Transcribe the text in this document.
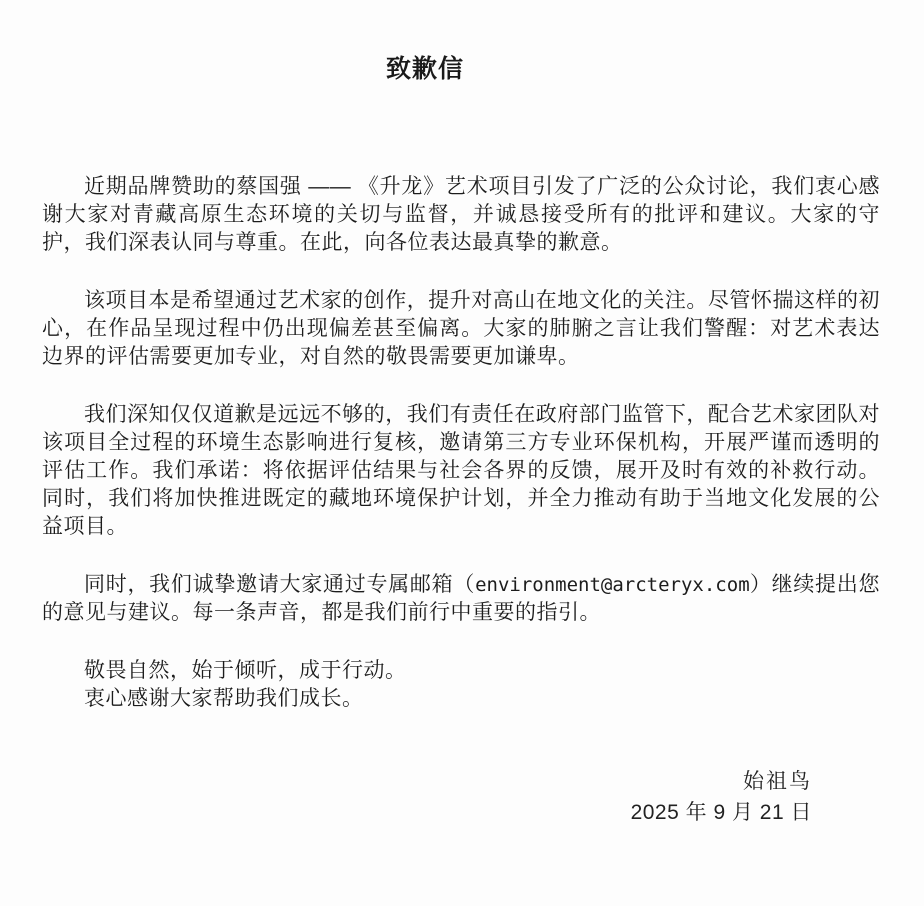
致歉信

近期品牌赞助的蔡国强 —— 《升龙》艺术项目引发了广泛的公众讨论，我们衷心感谢大家对青藏高原生态环境的关切与监督，并诚恳接受所有的批评和建议。大家的守护，我们深表认同与尊重。在此，向各位表达最真挚的歉意。

该项目本是希望通过艺术家的创作，提升对高山在地文化的关注。尽管怀揣这样的初心，在作品呈现过程中仍出现偏差甚至偏离。大家的肺腑之言让我们警醒：对艺术表达边界的评估需要更加专业，对自然的敬畏需要更加谦卑。

我们深知仅仅道歉是远远不够的，我们有责任在政府部门监管下，配合艺术家团队对该项目全过程的环境生态影响进行复核，邀请第三方专业环保机构，开展严谨而透明的评估工作。我们承诺：将依据评估结果与社会各界的反馈，展开及时有效的补救行动。同时，我们将加快推进既定的藏地环境保护计划，并全力推动有助于当地文化发展的公益项目。

同时，我们诚挚邀请大家通过专属邮箱（environment@arcteryx.com）继续提出您的意见与建议。每一条声音，都是我们前行中重要的指引。

敬畏自然，始于倾听，成于行动。
衷心感谢大家帮助我们成长。

始祖鸟
2025 年 9 月 21 日
